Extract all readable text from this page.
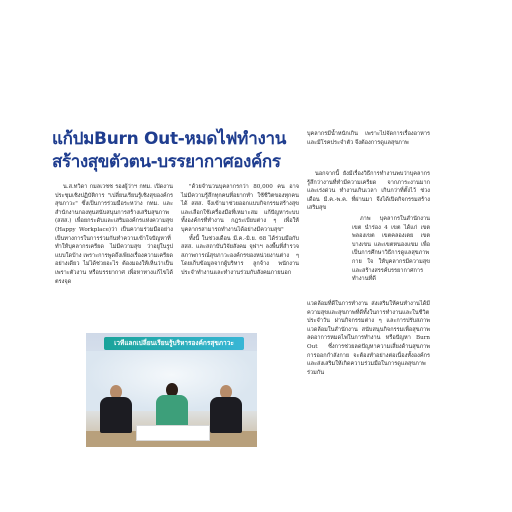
แก้ปมBurn Out-หมดไฟทำงาน
สร้างสุขตัวตน-บรรยากาศองค์กร

น.ส.ทวิดา กมลเวชช รองผู้ว่าฯ กทม. เปิดงานประชุมเชิงปฏิบัติการ "เปลี่ยนเรียนรู้เชิงสุของค์กรสุขภาวะ" ซึ่งเป็นการร่วมมือระหว่าง กทม. และสำนักงานกองทุนสนับสนุนการสร้างเสริมสุขภาพ (สสส.) เพื่อยกระดับและเสริมองค์กรแห่งความสุข (Happy Workplace)ว่า เป็นความร่วมมืออย่างเป็นทางการในการร่วมกันทำความเข้าใจปัญหาที่ทำให้บุคลากรเครียด ไม่มีความสุข ว่าอยู่ในรูปแบบใดบ้าง เพราะการพูดถึงเพียงเรื่องความเครียดอย่างเดียว ไม่ได้ช่วยอะไร ต้องมองให้เห็นว่าเป็นเพราะตัวงาน หรือบรรยากาศ เพื่อหาทางแก้ไขได้ตรงจุด

"ด้วยจำนวนบุคลากรกว่า 80,000 คน อาจไม่มีความรู้สึกทุกคนที่อยากทำ ใช้ชีวิตของทุกคนได้ สสส. จึงเข้ามาช่วยออกแบบกิจกรรมสร้างสุขและเลือกใช้เครื่องมือที่เหมาะสม แก้ปัญหาระบบทั้งองค์กรที่ทำงาน กฎระเบียบต่าง ๆ เพื่อให้บุคลากรสามารถทำงานได้อย่างมีความสุข"

ทั้งนี้ ในช่วงเดือน มี.ค.-มิ.ย. 68 ได้ร่วมมือกับ สสส. และสถาบันวิจัยสังคม จุฬาฯ ลงพื้นที่สำรวจสภาพการณ์สุขภาวะองค์กรของหน่วยงานต่าง ๆ โดยเก็บข้อมูลจากผู้บริหาร ลูกจ้าง พนักงานประจำทำงานและทำงานร่วมกับสังคมภายนอก

บุคลากรมีน้ำหนักเกิน เพราะไปจัดการเรื่องอาหาร และมีโรคประจำตัว จึงต้องการดูแลสุขภาพ

นอกจากนี้ ยังมีเรื่องวิธีการทำงานพบว่าบุคลากรรู้สึกว่างานที่ทำมีความเครียด จากภาระงานมาก และเร่งด่วน ทำงานเกินเวลา เกินกว่าที่ตั้งไว้ ช่วงเดือน มี.ค.-พ.ค. ที่ผ่านมา จึงได้เปิดกิจกรรมสร้างเสริมสุข

ภาพ บุคลากรในสำนักงานเขต นำร่อง 4 เขต ได้แก่ เขตพลองเขต เขตคลองเตย เขตบางเขน และเขตหนองแขม เพื่อเป็นการศึกษาวิธีการดูแลสุขภาพกาย ใจ ให้บุคลากรมีความสุข และสร้างสรรค์บรรยากาศการทำงานที่ดี

แวดล้อมที่ดีในการทำงาน ส่งเสริมให้คนทำงานได้มีความสุขและสุขภาพที่ดีทั้งในการทำงานและในชีวิตประจำวัน ผ่านกิจกรรมต่าง ๆ และการปรับสภาพแวดล้อมในสำนักงาน สนับสนุนกิจกรรมเพื่อสุขภาพ ลดอาการหมดไฟในการทำงาน หรือปัญหา Burn Out ซึ่งการช่วยลดปัญหาความเสี่ยงด้านสุขภาพ การออกกำลังกาย จะต้องทำอย่างต่อเนื่องทั้งองค์กร และส่งเสริมให้เกิดความร่วมมือในการดูแลสุขภาพร่วมกัน

เวทีแลกเปลี่ยนเรียนรู้บริหารองค์กรสุขภาวะ
